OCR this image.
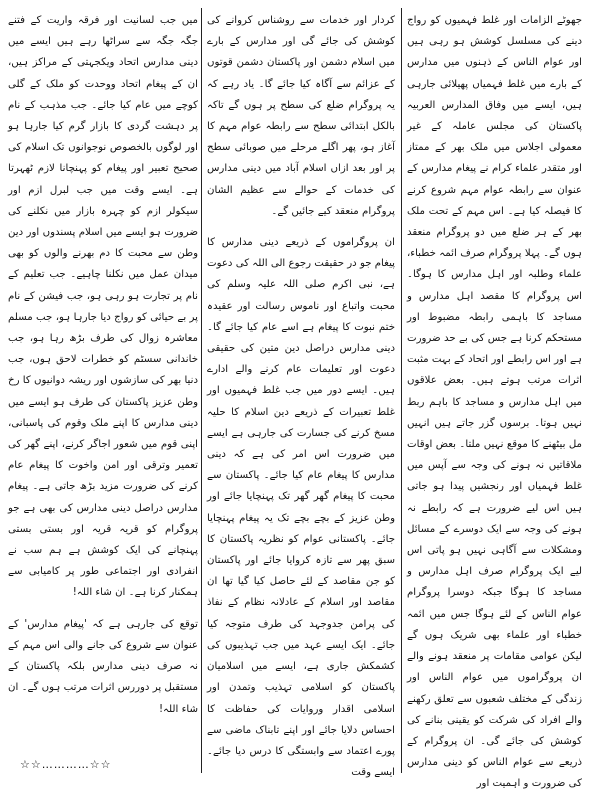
جھوٹے الزامات اور غلط فہمیوں کو رواج دینے کی مسلسل کوشش ہو رہی ہیں اور عوام الناس کے ذہنوں میں مدارس کے بارے میں غلط فہمیاں پھیلائی جارہی ہیں، ایسے میں وفاق المدارس العربیہ پاکستان کی مجلس عاملہ کے غیر معمولی اجلاس میں ملک بھر کے ممتاز اور متقدر علماء کرام نے پیغام مدارس کے عنوان سے رابطہ عوام مہم شروع کرنے کا فیصلہ کیا ہے۔ اس مہم کے تحت ملک بھر کے ہر ضلع میں دو پروگرام منعقد ہوں گے۔ پہلا پروگرام صرف ائمہ خطباء، علماء وطلبہ اور اہل مدارس کا ہوگا۔ اس پروگرام کا مقصد اہل مدارس و مساجد کا باہمی رابطہ مضبوط اور مستحکم کرنا ہے جس کی بے حد ضرورت ہے اور اس رابطے اور اتحاد کے بہت مثبت اثرات مرتب ہوتے ہیں۔ بعض علاقوں میں اہل مدارس و مساجد کا باہم ربط نہیں ہوتا۔ برسوں گزر جاتے ہیں انہیں مل بیٹھنے کا موقع نہیں ملتا۔ بعض اوقات ملاقاتیں نہ ہونے کی وجہ سے آپس میں غلط فہمیاں اور رنجشیں پیدا ہو جاتی ہیں اس لیے ضرورت ہے کہ رابطے نہ ہونے کی وجہ سے ایک دوسرے کے مسائل ومشکلات سے آگاہی نہیں ہو پاتی اس لیے ایک پروگرام صرف اہل مدارس و مساجد کا ہوگا جبکہ دوسرا پروگرام عوام الناس کے لئے ہوگا جس میں ائمہ خطباء اور علماء بھی شریک ہوں گے لیکن عوامی مقامات پر منعقد ہونے والے ان پروگراموں میں عوام الناس اور زندگی کے مختلف شعبوں سے تعلق رکھنے والے افراد کی شرکت کو یقینی بنانے کی کوشش کی جائے گی۔ ان پروگرام کے ذریعے سے عوام الناس کو دینی مدارس کی ضرورت و اہمیت اور

کردار اور خدمات سے روشناس کروانے کی کوشش کی جائے گی اور مدارس کے بارے میں اسلام دشمن اور پاکستان دشمن قوتوں کے عزائم سے آگاہ کیا جائے گا۔ یاد رہے کہ یہ پروگرام ضلع کی سطح پر ہوں گے تاکہ بالکل ابتدائی سطح سے رابطہ عوام مہم کا آغاز ہو، پھر اگلے مرحلے میں صوبائی سطح پر اور بعد ازاں اسلام آباد میں دینی مدارس کی خدمات کے حوالے سے عظیم الشان پروگرام منعقد کیے جائیں گے۔

ان پروگراموں کے ذریعے دینی مدارس کا پیغام جو در حقیقت رجوع الی اللہ کی دعوت ہے، نبی اکرم صلی اللہ علیہ وسلم کی محبت واتباع اور ناموس رسالت اور عقیدہ ختم نبوت کا پیغام ہے اسے عام کیا جائے گا۔ دینی مدارس دراصل دین متین کی حقیقی دعوت اور تعلیمات عام کرنے والے ادارے ہیں۔ ایسے دور میں جب غلط فہمیوں اور غلط تعبیرات کے ذریعے دین اسلام کا حلیہ مسخ کرنے کی جسارت کی جارہی ہے ایسے میں ضرورت اس امر کی ہے کہ دینی مدارس کا پیغام عام کیا جائے۔ پاکستان سے محبت کا پیغام گھر گھر تک پہنچایا جائے اور وطن عزیز کے بچے بچے تک یہ پیغام پہنچایا جائے۔ پاکستانی عوام کو نظریہ پاکستان کا سبق پھر سے تازہ کروایا جائے اور پاکستان کو جن مقاصد کے لئے حاصل کیا گیا تھا ان مقاصد اور اسلام کے عادلانہ نظام کے نفاذ کی پرامن جدوجہد کی طرف متوجہ کیا جائے۔ ایک ایسے عہد میں جب تہذیبوں کی کشمکش جاری ہے، ایسے میں اسلامیان پاکستان کو اسلامی تہذیب وتمدن اور اسلامی اقدار وروایات کی حفاظت کا احساس دلایا جائے اور اپنے تابناک ماضی سے پورے اعتماد سے وابستگی کا درس دیا جائے۔ ایسے وقت

میں جب لسانیت اور فرقہ واریت کے فتنے جگہ جگہ سے سراٹھا رہے ہیں ایسے میں دینی مدارس اتحاد ویکجہتی کے مراکز ہیں، ان کے پیغام اتحاد ووحدت کو ملک کے گلی کوچے میں عام کیا جائے۔ جب مذہب کے نام پر دہشت گردی کا بازار گرم کیا جارہا ہو اور لوگوں بالخصوص نوجوانوں تک اسلام کی صحیح تعبیر اور پیغام کو پہنچانا لازم ٹھہرتا ہے۔ ایسے وقت میں جب لبرل ازم اور سیکولر ازم کو چہرہ بازار میں نکلنے کی ضرورت ہو ایسے میں اسلام پسندوں اور دین وطن سے محبت کا دم بھرنے والوں کو بھی میدان عمل میں نکلنا چاہیے۔ جب تعلیم کے نام پر تجارت ہو رہی ہو، جب فیشن کے نام پر بے حیائی کو رواج دیا جارہا ہو، جب مسلم معاشرہ زوال کی طرف بڑھ رہا ہو، جب خاندانی سسٹم کو خطرات لاحق ہوں، جب دنیا بھر کی سازشوں اور ریشہ دوانیوں کا رخ وطن عزیز پاکستان کی طرف ہو ایسے میں دینی مدارس کا اپنے ملک وقوم کی پاسبانی، اپنی قوم میں شعور اجاگر کرنے، اپنے گھر کی تعمیر وترقی اور امن واخوت کا پیغام عام کرنے کی ضرورت مزید بڑھ جاتی ہے۔ پیغام مدارس دراصل دینی مدارس کی بھی ہے جو پروگرام کو قریہ قریہ اور بستی بستی پہنچانے کی ایک کوشش ہے ہم سب نے انفرادی اور اجتماعی طور پر کامیابی سے ہمکنار کرنا ہے۔ ان شاء اللہ!

توقع کی جارہی ہے کہ 'پیغام مدارس' کے عنوان سے شروع کی جانے والی اس مہم کے نہ صرف دینی مدارس بلکہ پاکستان کے مستقبل پر دوررس اثرات مرتب ہوں گے۔ ان شاء اللہ!

☆☆…………☆☆
